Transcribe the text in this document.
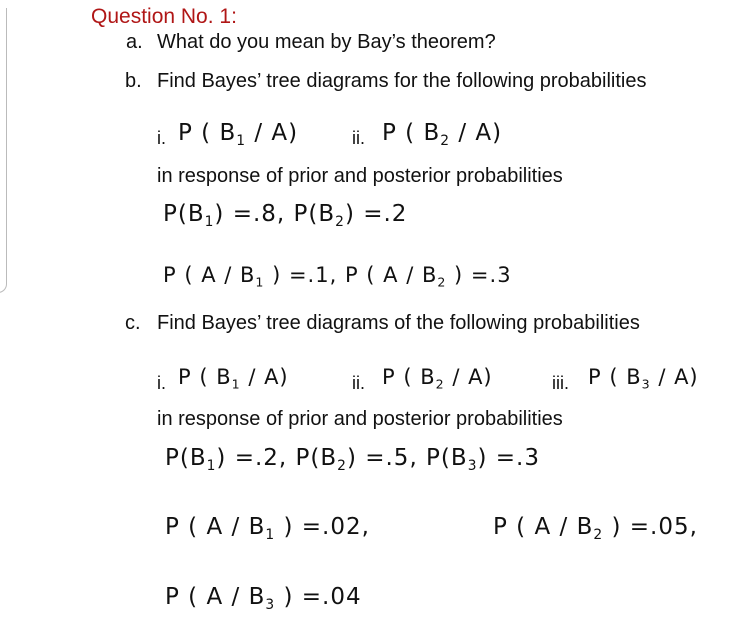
Question No. 1:
a. What do you mean by Bay’s theorem?
b. Find Bayes’ tree diagrams for the following probabilities
i. P ( $B_1 / A$)	ii. P ( $B_2 / A$)
in response of prior and posterior probabilities
$P(B_1) =.8$, $P(B_2) =.2$
P ( A / $B_1$ ) =.1, P ( A / $B_2$ ) =.3
c. Find Bayes’ tree diagrams of the following probabilities
i. P ( $B_1 / A$)	ii. P ( $B_2 / A$)	iii. P ( $B_3 / A$)
in response of prior and posterior probabilities
$P(B_1) =.2$, $P(B_2) =.5$, $P(B_3) =.3$
P ( A / $B_1$ ) =.02,	P ( A / $B_2$ ) =.05,
P ( A / $B_3$ ) =.04
